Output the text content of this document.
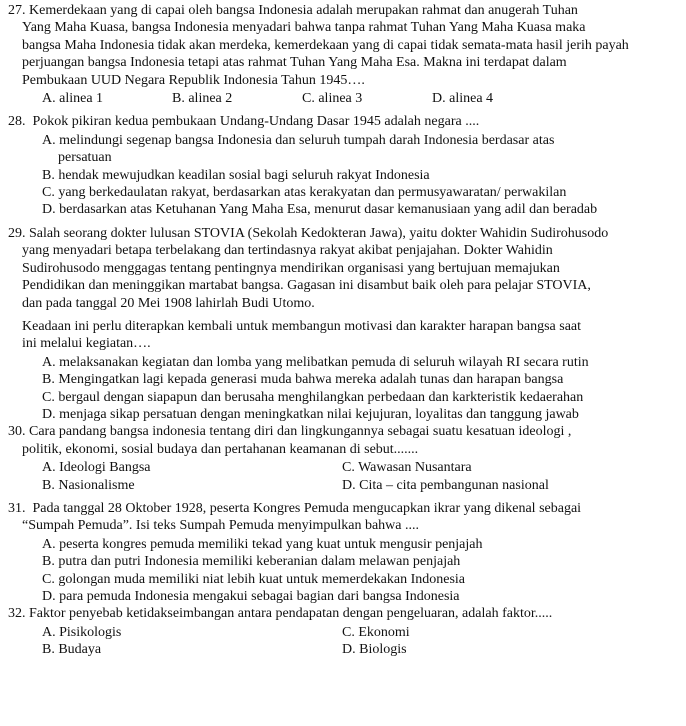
27. Kemerdekaan yang di capai oleh bangsa Indonesia adalah merupakan rahmat dan anugerah Tuhan
Yang Maha Kuasa, bangsa Indonesia menyadari bahwa tanpa rahmat Tuhan Yang Maha Kuasa maka
bangsa Maha Indonesia tidak akan merdeka, kemerdekaan yang di capai tidak semata-mata hasil jerih payah
perjuangan bangsa Indonesia tetapi atas rahmat Tuhan Yang Maha Esa. Makna ini terdapat dalam
Pembukaan UUD Negara Republik Indonesia Tahun 1945….
A. alinea 1	B. alinea 2	C. alinea 3	D. alinea 4
28. Pokok pikiran kedua pembukaan Undang-Undang Dasar 1945 adalah negara ....
A. melindungi segenap bangsa Indonesia dan seluruh tumpah darah Indonesia berdasar atas
persatuan
B. hendak mewujudkan keadilan sosial bagi seluruh rakyat Indonesia
C. yang berkedaulatan rakyat, berdasarkan atas kerakyatan dan permusyawaratan/ perwakilan
D. berdasarkan atas Ketuhanan Yang Maha Esa, menurut dasar kemanusiaan yang adil dan beradab
29. Salah seorang dokter lulusan STOVIA (Sekolah Kedokteran Jawa), yaitu dokter Wahidin Sudirohusodo
yang menyadari betapa terbelakang dan tertindasnya rakyat akibat penjajahan. Dokter Wahidin
Sudirohusodo menggagas tentang pentingnya mendirikan organisasi yang bertujuan memajukan
Pendidikan dan meninggikan martabat bangsa. Gagasan ini disambut baik oleh para pelajar STOVIA,
dan pada tanggal 20 Mei 1908 lahirlah Budi Utomo.
Keadaan ini perlu diterapkan kembali untuk membangun motivasi dan karakter harapan bangsa saat
ini melalui kegiatan….
A. melaksanakan kegiatan dan lomba yang melibatkan pemuda di seluruh wilayah RI secara rutin
B. Mengingatkan lagi kepada generasi muda bahwa mereka adalah tunas dan harapan bangsa
C. bergaul dengan siapapun dan berusaha menghilangkan perbedaan dan karkteristik kedaerahan
D. menjaga sikap persatuan dengan meningkatkan nilai kejujuran, loyalitas dan tanggung jawab
30. Cara pandang bangsa indonesia tentang diri dan lingkungannya sebagai suatu kesatuan ideologi ,
politik, ekonomi, sosial budaya dan pertahanan keamanan di sebut.......
A. Ideologi Bangsa	C. Wawasan Nusantara
B. Nasionalisme	D. Cita – cita pembangunan nasional
31. Pada tanggal 28 Oktober 1928, peserta Kongres Pemuda mengucapkan ikrar yang dikenal sebagai
“Sumpah Pemuda”. Isi teks Sumpah Pemuda menyimpulkan bahwa ....
A. peserta kongres pemuda memiliki tekad yang kuat untuk mengusir penjajah
B. putra dan putri Indonesia memiliki keberanian dalam melawan penjajah
C. golongan muda memiliki niat lebih kuat untuk memerdekakan Indonesia
D. para pemuda Indonesia mengakui sebagai bagian dari bangsa Indonesia
32. Faktor penyebab ketidakseimbangan antara pendapatan dengan pengeluaran, adalah faktor.....
A. Pisikologis	C. Ekonomi
B. Budaya	D. Biologis
